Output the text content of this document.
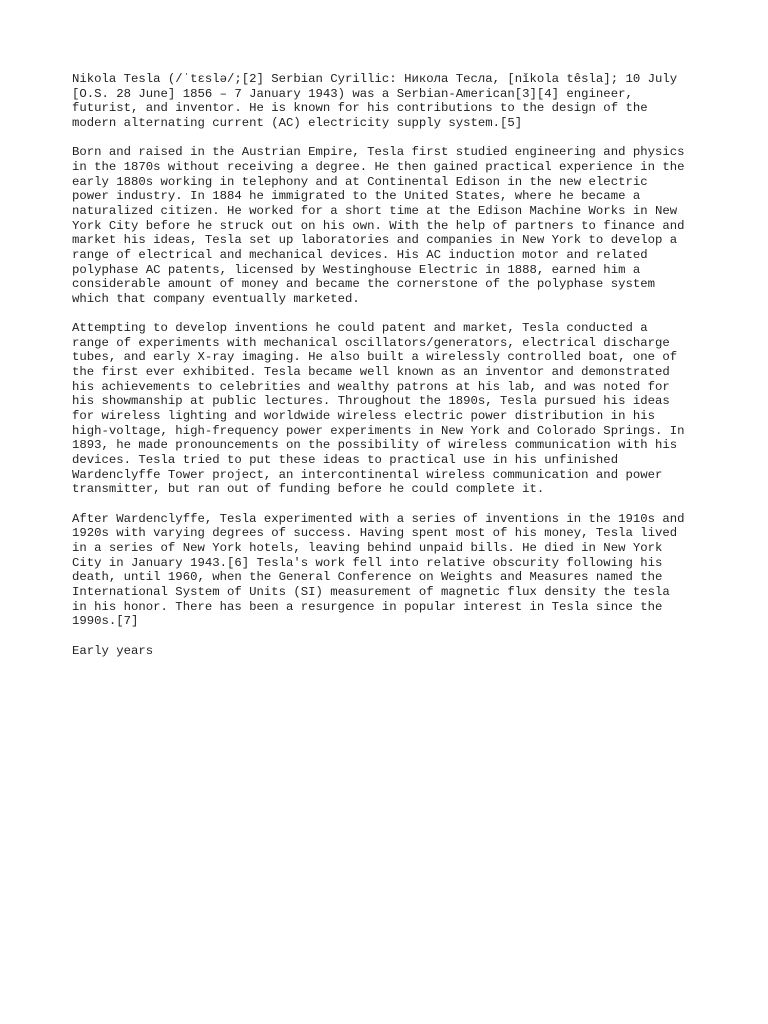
Nikola Tesla (/ˈtɛslə/;[2] Serbian Cyrillic: Никола Тесла, [nǐkola têsla]; 10 July
[O.S. 28 June] 1856 – 7 January 1943) was a Serbian-American[3][4] engineer,
futurist, and inventor. He is known for his contributions to the design of the
modern alternating current (AC) electricity supply system.[5]

Born and raised in the Austrian Empire, Tesla first studied engineering and physics
in the 1870s without receiving a degree. He then gained practical experience in the
early 1880s working in telephony and at Continental Edison in the new electric
power industry. In 1884 he immigrated to the United States, where he became a
naturalized citizen. He worked for a short time at the Edison Machine Works in New
York City before he struck out on his own. With the help of partners to finance and
market his ideas, Tesla set up laboratories and companies in New York to develop a
range of electrical and mechanical devices. His AC induction motor and related
polyphase AC patents, licensed by Westinghouse Electric in 1888, earned him a
considerable amount of money and became the cornerstone of the polyphase system
which that company eventually marketed.

Attempting to develop inventions he could patent and market, Tesla conducted a
range of experiments with mechanical oscillators/generators, electrical discharge
tubes, and early X-ray imaging. He also built a wirelessly controlled boat, one of
the first ever exhibited. Tesla became well known as an inventor and demonstrated
his achievements to celebrities and wealthy patrons at his lab, and was noted for
his showmanship at public lectures. Throughout the 1890s, Tesla pursued his ideas
for wireless lighting and worldwide wireless electric power distribution in his
high-voltage, high-frequency power experiments in New York and Colorado Springs. In
1893, he made pronouncements on the possibility of wireless communication with his
devices. Tesla tried to put these ideas to practical use in his unfinished
Wardenclyffe Tower project, an intercontinental wireless communication and power
transmitter, but ran out of funding before he could complete it.

After Wardenclyffe, Tesla experimented with a series of inventions in the 1910s and
1920s with varying degrees of success. Having spent most of his money, Tesla lived
in a series of New York hotels, leaving behind unpaid bills. He died in New York
City in January 1943.[6] Tesla's work fell into relative obscurity following his
death, until 1960, when the General Conference on Weights and Measures named the
International System of Units (SI) measurement of magnetic flux density the tesla
in his honor. There has been a resurgence in popular interest in Tesla since the
1990s.[7]

Early years
